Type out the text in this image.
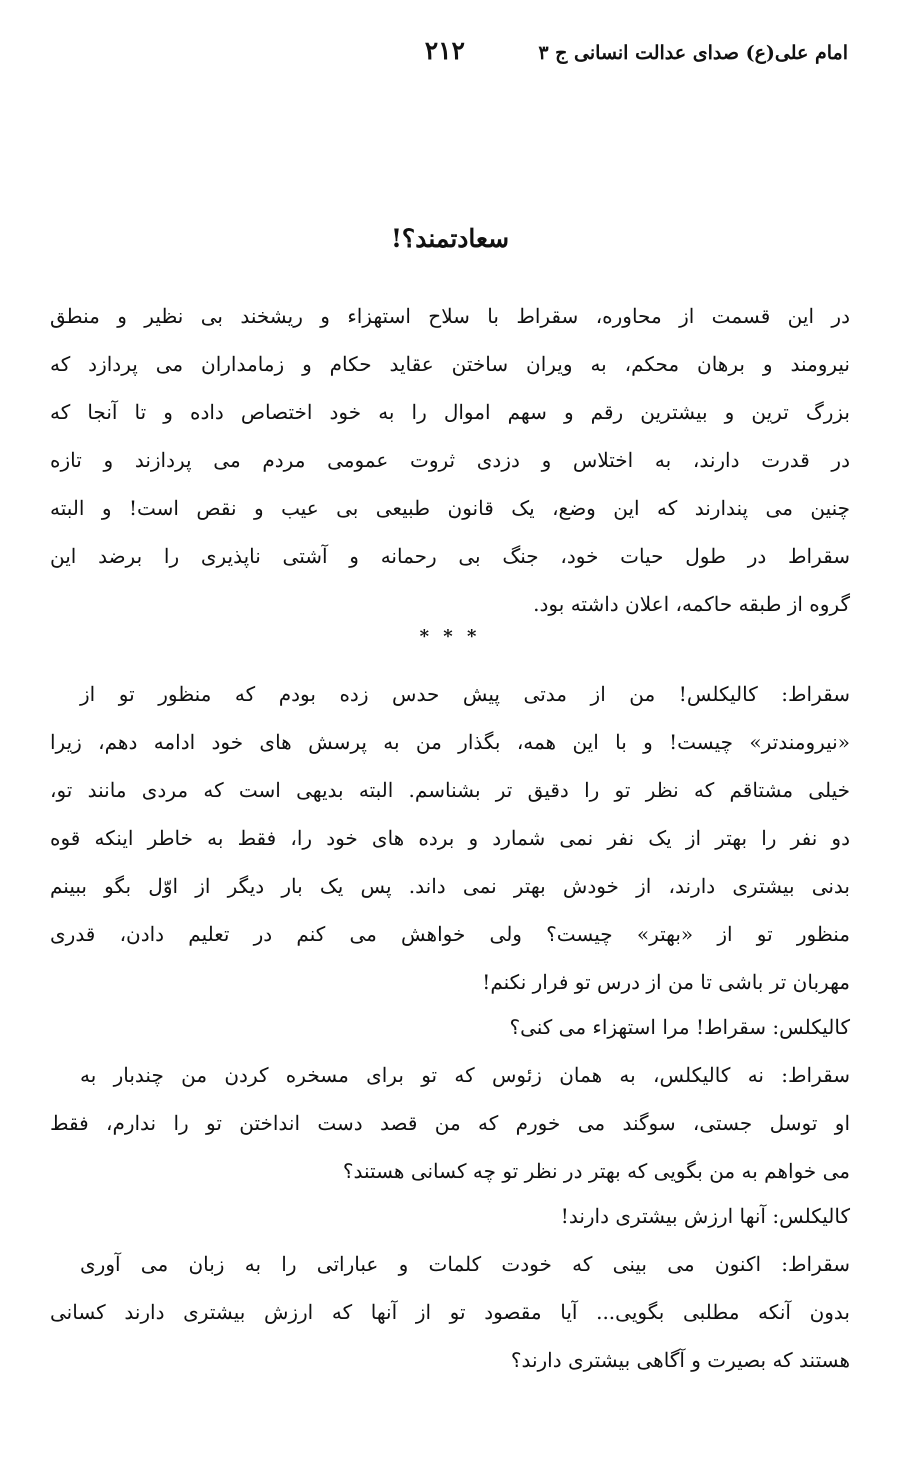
امام علی(ع) صدای عدالت انسانی ج ۳
۲۱۲
سعادتمند؟!
در این قسمت از محاوره، سقراط با سلاح استهزاء و ریشخند بی نظیر و منطق
نیرومند و برهان محکم، به ویران ساختن عقاید حکام و زمامداران می پردازد که
بزرگ ترین و بیشترین رقم و سهم اموال را به خود اختصاص داده و تا آنجا که
در قدرت دارند، به اختلاس و دزدی ثروت عمومی مردم می پردازند و تازه
چنین می پندارند که این وضع، یک قانون طبیعی بی عیب و نقص است! و البته
سقراط در طول حیات خود، جنگ بی رحمانه و آشتی ناپذیری را برضد این
گروه از طبقه حاکمه، اعلان داشته بود.
* * *
سقراط: کالیکلس! من از مدتی پیش حدس زده بودم که منظور تو از
«نیرومندتر» چیست! و با این همه، بگذار من به پرسش های خود ادامه دهم، زیرا
خیلی مشتاقم که نظر تو را دقیق تر بشناسم. البته بدیهی است که مردی مانند تو،
دو نفر را بهتر از یک نفر نمی شمارد و برده های خود را، فقط به خاطر اینکه قوه
بدنی بیشتری دارند، از خودش بهتر نمی داند. پس یک بار دیگر از اوّل بگو ببینم
منظور تو از «بهتر» چیست؟ ولی خواهش می کنم در تعلیم دادن، قدری
مهربان تر باشی تا من از درس تو فرار نکنم!
کالیکلس: سقراط! مرا استهزاء می کنی؟
سقراط: نه کالیکلس، به همان زئوس که تو برای مسخره کردن من چندبار به
او توسل جستی، سوگند می خورم که من قصد دست انداختن تو را ندارم، فقط
می خواهم به من بگویی که بهتر در نظر تو چه کسانی هستند؟
کالیکلس: آنها ارزش بیشتری دارند!
سقراط: اکنون می بینی که خودت کلمات و عباراتی را به زبان می آوری
بدون آنکه مطلبی بگویی... آیا مقصود تو از آنها که ارزش بیشتری دارند کسانی
هستند که بصیرت و آگاهی بیشتری دارند؟
